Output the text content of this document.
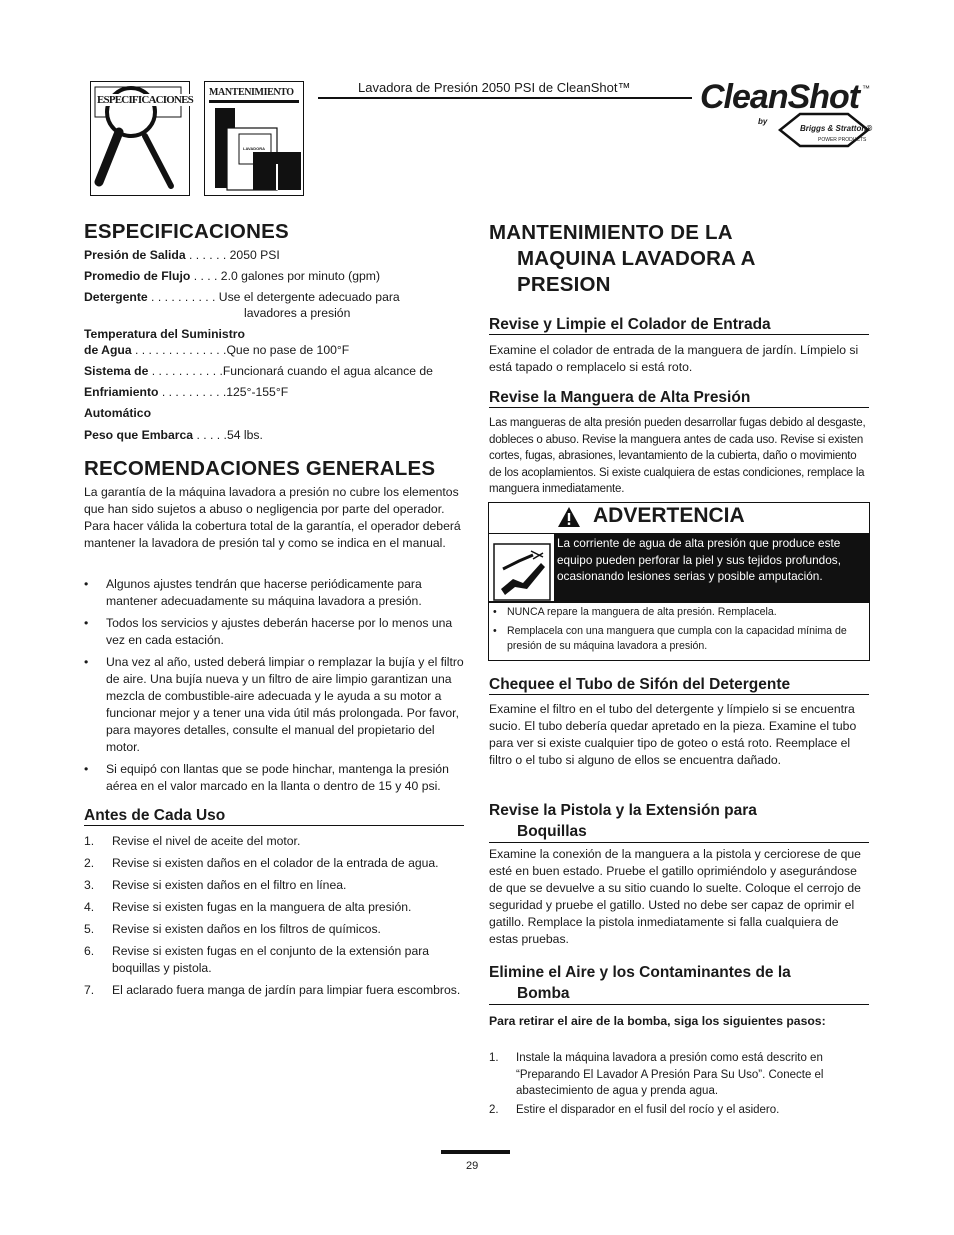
Lavadora de Presión 2050 PSI de CleanShot™ CleanShot ™
by
Briggs & Stratton®
POWER PRODUCTS
ESPECIFICACIONES
MANTENIMIENTO
LAVADORA
ESPECIFICACIONES
Presión de Salida . . . . . . 2050 PSI
Promedio de Flujo . . . . 2.0 galones por minuto (gpm)
Detergente . . . . . . . . . . Use el detergente adecuado para
lavadores a presión
Temperatura del Suministro
de Agua . . . . . . . . . . . . . .Que no pase de 100°F
Sistema de . . . . . . . . . . .Funcionará cuando el agua alcance de
Enfriamiento . . . . . . . . . .125°-155°F
Automático
Peso que Embarca . . . . .54 lbs.
RECOMENDACIONES GENERALES
La garantía de la máquina lavadora a presión no cubre los elementos que han sido sujetos a abuso o negligencia por parte del operador. Para hacer válida la cobertura total de la garantía, el operador deberá mantener la lavadora de presión tal y como se indica en el manual.
• Algunos ajustes tendrán que hacerse periódicamente para mantener adecuadamente su máquina lavadora a presión.
• Todos los servicios y ajustes deberán hacerse por lo menos una vez en cada estación.
• Una vez al año, usted deberá limpiar o remplazar la bujía y el filtro de aire. Una bujía nueva y un filtro de aire limpio garantizan una mezcla de combustible-aire adecuada y le ayuda a su motor a funcionar mejor y a tener una vida útil más prolongada. Por favor, para mayores detalles, consulte el manual del propietario del motor.
• Si equipó con llantas que se pode hinchar, mantenga la presión aérea en el valor marcado en la llanta o dentro de 15 y 40 psi.
Antes de Cada Uso
1. Revise el nivel de aceite del motor.
2. Revise si existen daños en el colador de la entrada de agua.
3. Revise si existen daños en el filtro en línea.
4. Revise si existen fugas en la manguera de alta presión.
5. Revise si existen daños en los filtros de químicos.
6. Revise si existen fugas en el conjunto de la extensión para boquillas y pistola.
7. El aclarado fuera manga de jardín para limpiar fuera escombros.
MANTENIMIENTO DE LA
MAQUINA LAVADORA A
PRESION
Revise y Limpie el Colador de Entrada
Examine el colador de entrada de la manguera de jardín. Límpielo si está tapado o remplacelo si está roto.
Revise la Manguera de Alta Presión
Las mangueras de alta presión pueden desarrollar fugas debido al desgaste, dobleces o abuso. Revise la manguera antes de cada uso. Revise si existen cortes, fugas, abrasiones, levantamiento de la cubierta, daño o movimiento de los acoplamientos. Si existe cualquiera de estas condiciones, remplace la manguera inmediatamente.
ADVERTENCIA
La corriente de agua de alta presión que produce este equipo pueden perforar la piel y sus tejidos profundos, ocasionando lesiones serias y posible amputación.
• NUNCA repare la manguera de alta presión. Remplacela.
• Remplacela con una manguera que cumpla con la capacidad mínima de presión de su máquina lavadora a presión.
Chequee el Tubo de Sifón del Detergente
Examine el filtro en el tubo del detergente y límpielo si se encuentra sucio. El tubo debería quedar apretado en la pieza. Examine el tubo para ver si existe cualquier tipo de goteo o está roto. Reemplace el filtro o el tubo si alguno de ellos se encuentra dañado.
Revise la Pistola y la Extensión para
Boquillas
Examine la conexión de la manguera a la pistola y cerciorese de que esté en buen estado. Pruebe el gatillo oprimiéndolo y asegurándose de que se devuelve a su sitio cuando lo suelte. Coloque el cerrojo de seguridad y pruebe el gatillo. Usted no debe ser capaz de oprimir el gatillo. Remplace la pistola inmediatamente si falla cualquiera de estas pruebas.
Elimine el Aire y los Contaminantes de la
Bomba
Para retirar el aire de la bomba, siga los siguientes pasos:
1. Instale la máquina lavadora a presión como está descrito en “Preparando El Lavador A Presión Para Su Uso”. Conecte el abastecimiento de agua y prenda agua.
2. Estire el disparador en el fusil del rocío y el asidero.
29
